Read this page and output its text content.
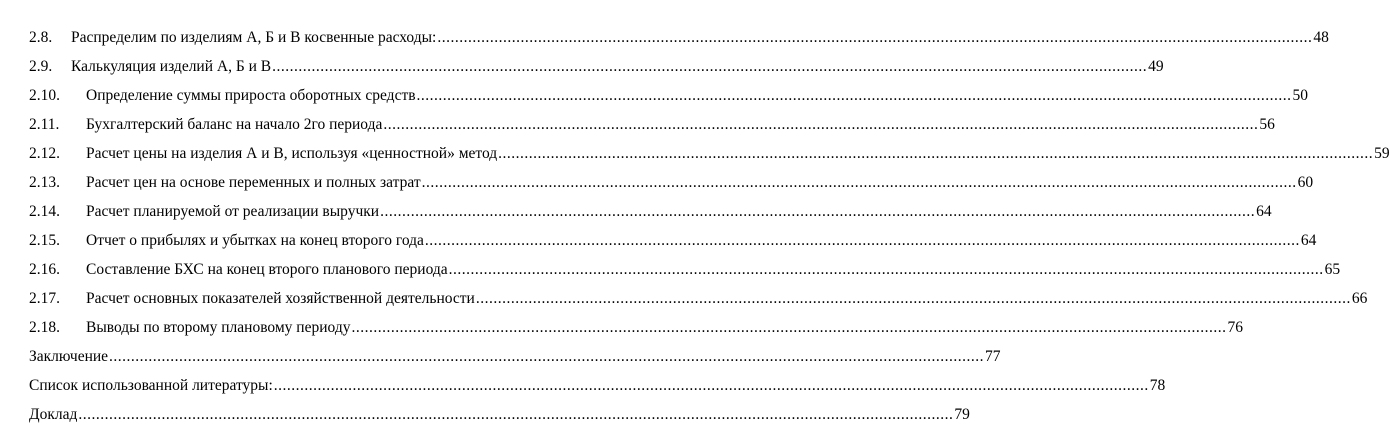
2.8. Распределим по изделиям А, Б и В косвенные расходы: ........................................................................................................................................................................................................ 48
2.9. Калькуляция изделий А, Б и В ........................................................................................................................................................................................................ 49
2.10. Определение суммы прироста оборотных средств ........................................................................................................................................................................................................ 50
2.11. Бухгалтерский баланс на начало 2го периода ........................................................................................................................................................................................................ 56
2.12. Расчет цены на изделия А и В, используя «ценностной» метод ........................................................................................................................................................................................................ 59
2.13. Расчет цен на основе переменных и полных затрат ........................................................................................................................................................................................................ 60
2.14. Расчет планируемой от реализации выручки ........................................................................................................................................................................................................ 64
2.15. Отчет о прибылях и убытках на конец второго года ........................................................................................................................................................................................................ 64
2.16. Составление БХС на конец второго планового периода ........................................................................................................................................................................................................ 65
2.17. Расчет основных показателей хозяйственной деятельности ........................................................................................................................................................................................................ 66
2.18. Выводы по второму плановому периоду ........................................................................................................................................................................................................ 76
Заключение ........................................................................................................................................................................................................ 77
Список использованной литературы: ........................................................................................................................................................................................................ 78
Доклад ........................................................................................................................................................................................................ 79
